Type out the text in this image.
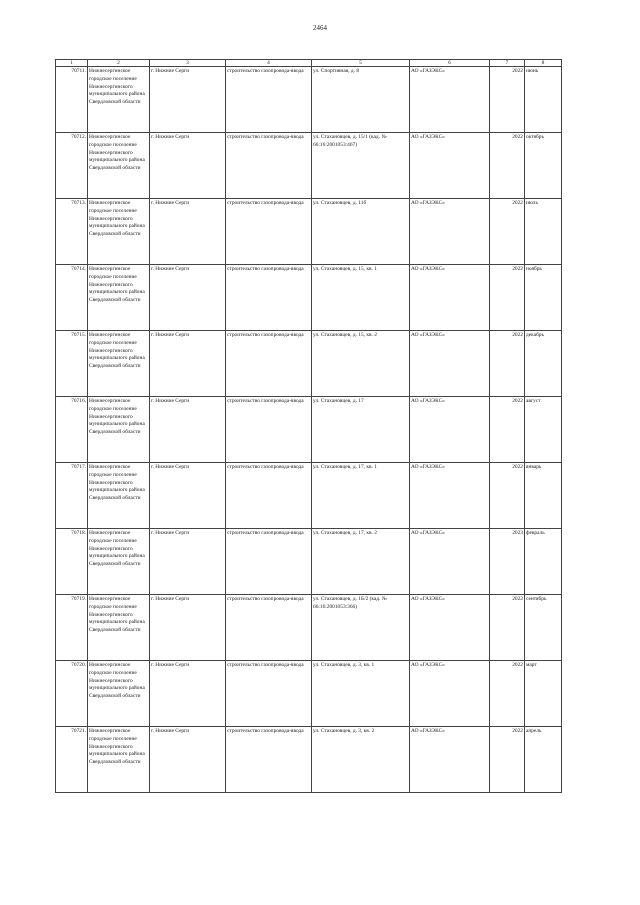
2464
1	2	3	4	5	6	7	8
70711.	Нижнесергинское городское поселение Нижнесергинского муниципального района Свердловской области	г. Нижние Серги	строительство газопровода-ввода	ул. Спортивная, д. 8	АО «ГАЗЭКС»	2022	июнь
70712.	Нижнесергинское городское поселение Нижнесергинского муниципального района Свердловской области	г. Нижние Серги	строительство газопровода-ввода	ул. Стахановцев, д. 15/1 (кад. № 66:16:2001053:467)	АО «ГАЗЭКС»	2022	октябрь
70713.	Нижнесергинское городское поселение Нижнесергинского муниципального района Свердловской области	г. Нижние Серги	строительство газопровода-ввода	ул. Стахановцев, д. 11б	АО «ГАЗЭКС»	2022	июль
70714.	Нижнесергинское городское поселение Нижнесергинского муниципального района Свердловской области	г. Нижние Серги	строительство газопровода-ввода	ул. Стахановцев, д. 15, кв. 1	АО «ГАЗЭКС»	2022	ноябрь
70715.	Нижнесергинское городское поселение Нижнесергинского муниципального района Свердловской области	г. Нижние Серги	строительство газопровода-ввода	ул. Стахановцев, д. 15, кв. 2	АО «ГАЗЭКС»	2022	декабрь
70716.	Нижнесергинское городское поселение Нижнесергинского муниципального района Свердловской области	г. Нижние Серги	строительство газопровода-ввода	ул. Стахановцев, д. 17	АО «ГАЗЭКС»	2022	август
70717.	Нижнесергинское городское поселение Нижнесергинского муниципального района Свердловской области	г. Нижние Серги	строительство газопровода-ввода	ул. Стахановцев, д. 17, кв. 1	АО «ГАЗЭКС»	2022	январь
70718.	Нижнесергинское городское поселение Нижнесергинского муниципального района Свердловской области	г. Нижние Серги	строительство газопровода-ввода	ул. Стахановцев, д. 17, кв. 2	АО «ГАЗЭКС»	2023	февраль
70719.	Нижнесергинское городское поселение Нижнесергинского муниципального района Свердловской области	г. Нижние Серги	строительство газопровода-ввода	ул. Стахановцев, д. 1Б/2 (кад. № 66:16:2001053:366)	АО «ГАЗЭКС»	2022	сентябрь
70720.	Нижнесергинское городское поселение Нижнесергинского муниципального района Свердловской области	г. Нижние Серги	строительство газопровода-ввода	ул. Стахановцев, д. 3, кв. 1	АО «ГАЗЭКС»	2022	март
70721.	Нижнесергинское городское поселение Нижнесергинского муниципального района Свердловской области	г. Нижние Серги	строительство газопровода-ввода	ул. Стахановцев, д. 3, кв. 2	АО «ГАЗЭКС»	2022	апрель
